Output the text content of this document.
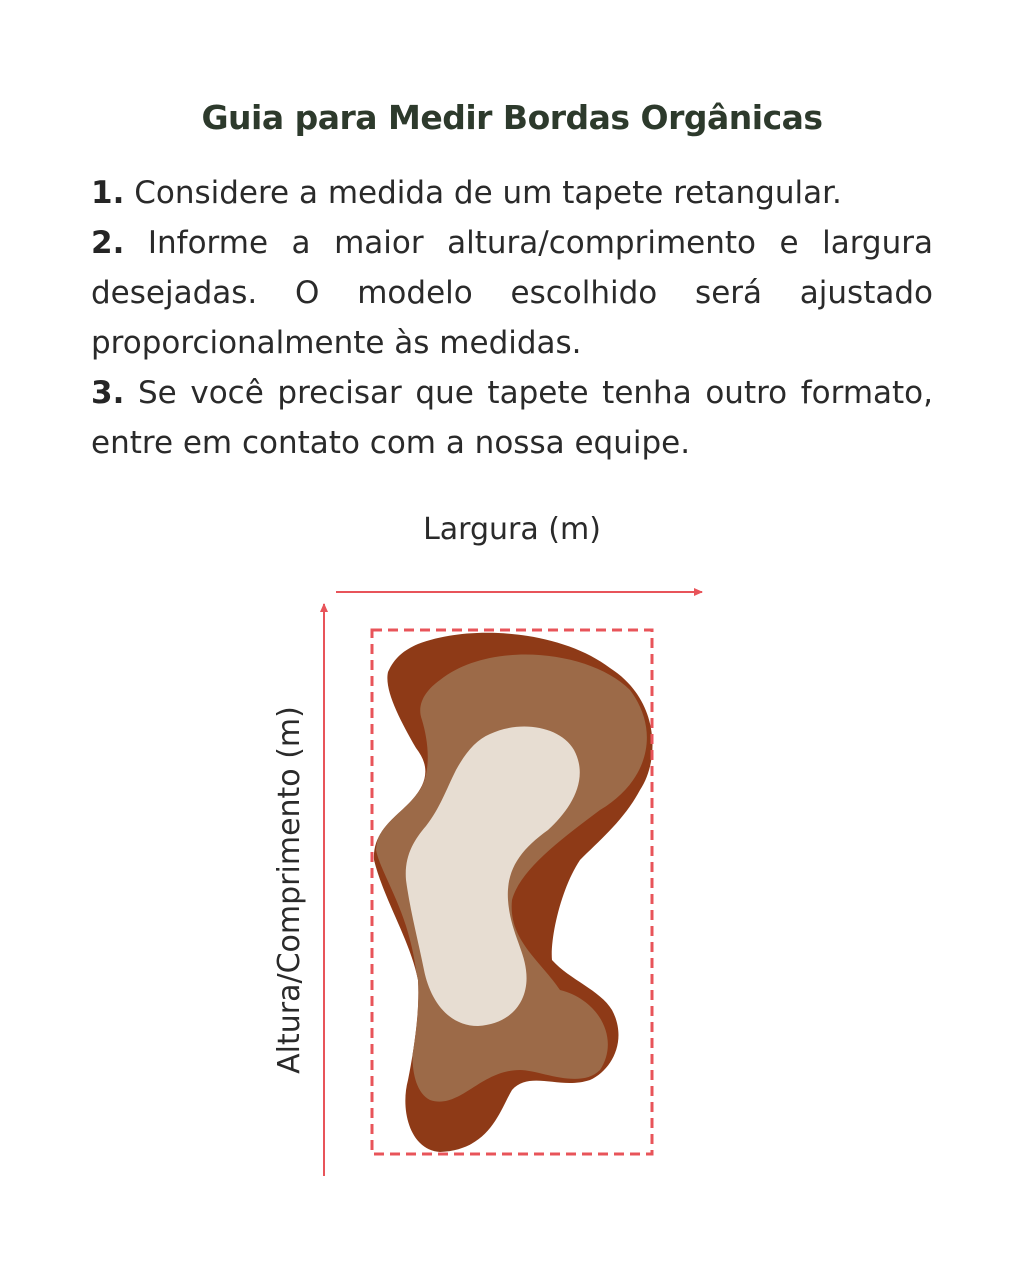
Guia para Medir Bordas Orgânicas
1. Considere a medida de um tapete retangular.
2. Informe a maior altura/comprimento e largura desejadas. O modelo escolhido será ajustado proporcionalmente às medidas.
3. Se você precisar que tapete tenha outro formato, entre em contato com a nossa equipe.
Largura (m)
Altura/Comprimento (m)
